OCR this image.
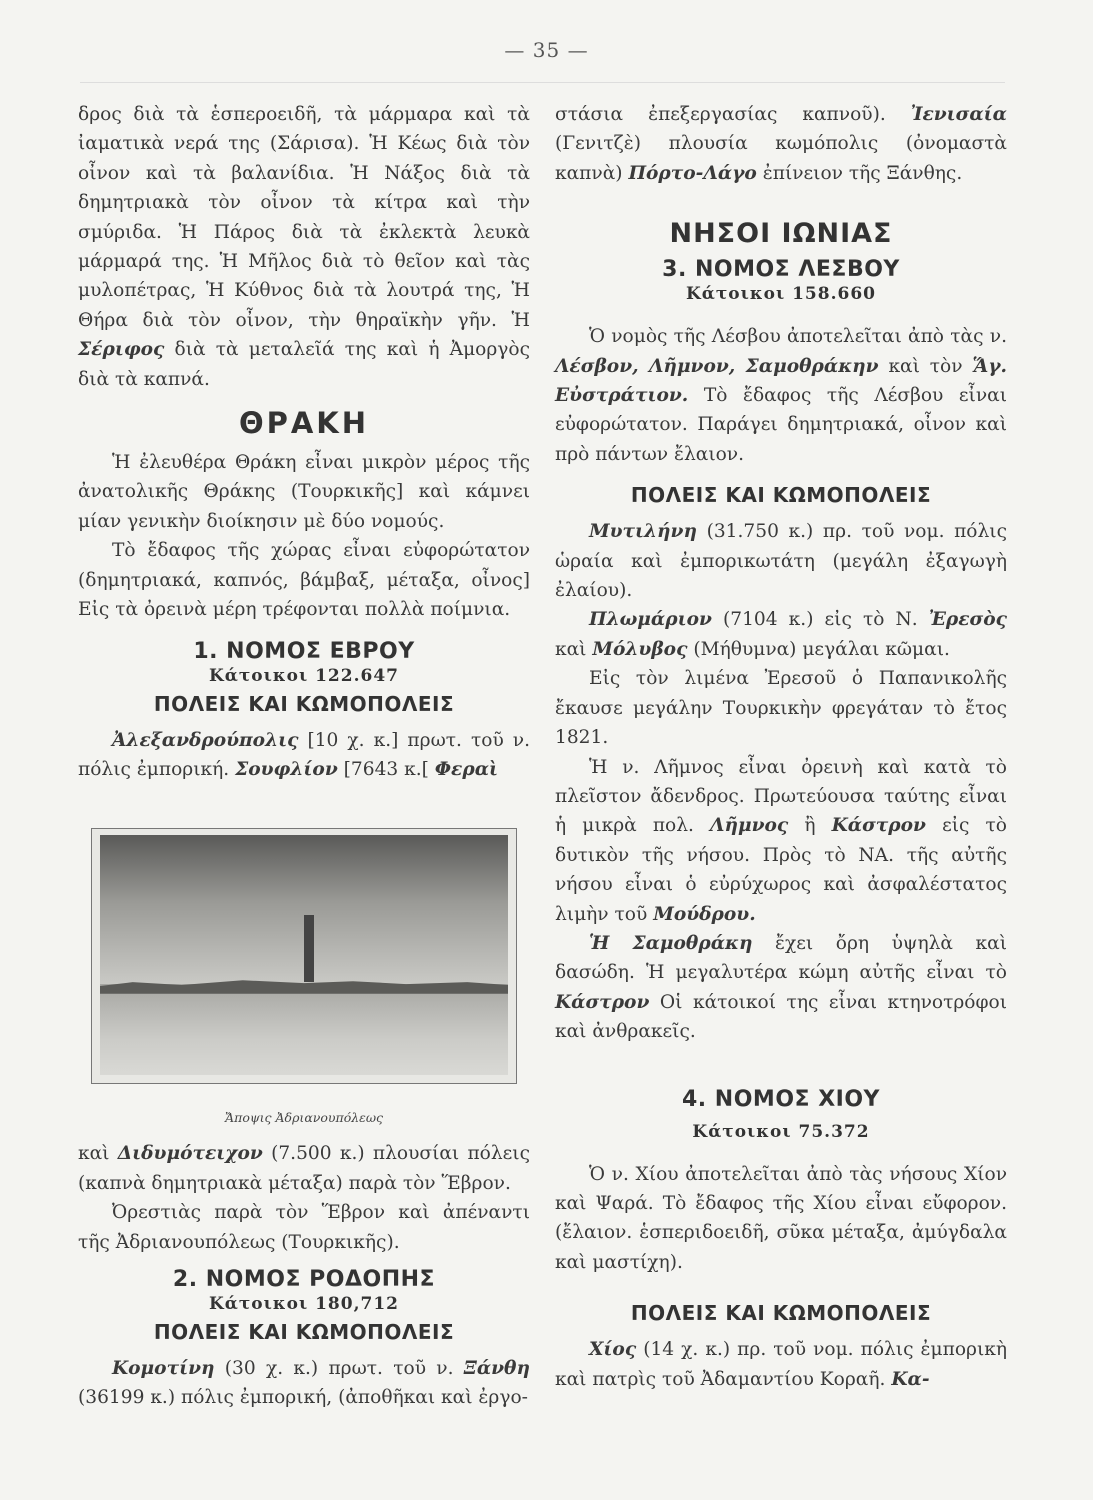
— 35 —

δρος διὰ τὰ ἑσπεροειδῆ, τὰ μάρμαρα καὶ τὰ ἰαματικὰ νερά της (Σάρισα). Ἡ Κέως διὰ τὸν οἶνον καὶ τὰ βαλανίδια. Ἡ Νάξος διὰ τὰ δημητριακὰ τὸν οἶνον τὰ κίτρα καὶ τὴν σμύριδα. Ἡ Πάρος διὰ τὰ ἐκλεκτὰ λευκὰ μάρμαρά της. Ἡ Μῆλος διὰ τὸ θεῖον καὶ τὰς μυλοπέτρας, Ἡ Κύθνος διὰ τὰ λουτρά της, Ἡ Θήρα διὰ τὸν οἶνον, τὴν θηραϊκὴν γῆν. Ἡ Σέριφος διὰ τὰ μεταλεῖά της καὶ ἡ Ἀμοργὸς διὰ τὰ καπνά.

ΘΡΑΚΗ

Ἡ ἐλευθέρα Θράκη εἶναι μικρὸν μέρος τῆς ἀνατολικῆς Θράκης (Τουρκικῆς] καὶ κάμνει μίαν γενικὴν διοίκησιν μὲ δύο νομούς.

Τὸ ἔδαφος τῆς χώρας εἶναι εὐφορώτατον (δημητριακά, καπνός, βάμβαξ, μέταξα, οἶνος] Εἰς τὰ ὀρεινὰ μέρη τρέφονται πολλὰ ποίμνια.

1. ΝΟΜΟΣ ΕΒΡΟΥ
Κάτοικοι 122.647
ΠΟΛΕΙΣ ΚΑΙ ΚΩΜΟΠΟΛΕΙΣ

Ἀλεξανδρούπολις [10 χ. κ.] πρωτ. τοῦ ν. πόλις ἐμπορική. Σουφλίον [7643 κ.[ Φεραὶ

Ἄποψις Ἀδριανουπόλεως

καὶ Διδυμότειχον (7.500 κ.) πλουσίαι πόλεις (καπνὰ δημητριακὰ μέταξα) παρὰ τὸν Ἕβρον.

Ὀρεστιὰς παρὰ τὸν Ἕβρον καὶ ἀπέναντι τῆς Ἀδριανουπόλεως (Τουρκικῆς).

2. ΝΟΜΟΣ ΡΟΔΟΠΗΣ
Κάτοικοι 180,712
ΠΟΛΕΙΣ ΚΑΙ ΚΩΜΟΠΟΛΕΙΣ

Κομοτίνη (30 χ. κ.) πρωτ. τοῦ ν. Ξάνθη (36199 κ.) πόλις ἐμπορική, (ἀποθῆκαι καὶ ἐργο-

στάσια ἐπεξεργασίας καπνοῦ). Ἰενισαία (Γενιτζὲ) πλουσία κωμόπολις (ὀνομαστὰ καπνὰ) Πόρτο-Λάγο ἐπίνειον τῆς Ξάνθης.

ΝΗΣΟΙ ΙΩΝΙΑΣ
3. ΝΟΜΟΣ ΛΕΣΒΟΥ
Κάτοικοι 158.660

Ὁ νομὸς τῆς Λέσβου ἀποτελεῖται ἀπὸ τὰς ν. Λέσβον, Λῆμνον, Σαμοθράκην καὶ τὸν Ἅγ. Εὐστράτιον. Τὸ ἔδαφος τῆς Λέσβου εἶναι εὐφορώτατον. Παράγει δημητριακά, οἶνον καὶ πρὸ πάντων ἔλαιον.

ΠΟΛΕΙΣ ΚΑΙ ΚΩΜΟΠΟΛΕΙΣ

Μυτιλήνη (31.750 κ.) πρ. τοῦ νομ. πόλις ὡραία καὶ ἐμπορικωτάτη (μεγάλη ἐξαγωγὴ ἐλαίου).

Πλωμάριον (7104 κ.) εἰς τὸ Ν. Ἐρεσὸς καὶ Μόλυβος (Μήθυμνα) μεγάλαι κῶμαι.

Εἰς τὸν λιμένα Ἐρεσοῦ ὁ Παπανικολῆς ἔκαυσε μεγάλην Τουρκικὴν φρεγάταν τὸ ἔτος 1821.

Ἡ ν. Λῆμνος εἶναι ὀρεινὴ καὶ κατὰ τὸ πλεῖστον ἄδενδρος. Πρωτεύουσα ταύτης εἶναι ἡ μικρὰ πολ. Λῆμνος ἢ Κάστρον εἰς τὸ δυτικὸν τῆς νήσου. Πρὸς τὸ ΝΑ. τῆς αὐτῆς νήσου εἶναι ὁ εὐρύχωρος καὶ ἀσφαλέστατος λιμὴν τοῦ Μούδρου.

Ἡ Σαμοθράκη ἔχει ὄρη ὑψηλὰ καὶ δασώδη. Ἡ μεγαλυτέρα κώμη αὐτῆς εἶναι τὸ Κάστρον Οἱ κάτοικοί της εἶναι κτηνοτρόφοι καὶ ἀνθρακεῖς.

4. ΝΟΜΟΣ ΧΙΟΥ
Κάτοικοι 75.372

Ὁ ν. Χίου ἀποτελεῖται ἀπὸ τὰς νήσους Χίον καὶ Ψαρά. Τὸ ἔδαφος τῆς Χίου εἶναι εὔφορον. (ἔλαιον. ἑσπεριδοειδῆ, σῦκα μέταξα, ἀμύγδαλα καὶ μαστίχη).

ΠΟΛΕΙΣ ΚΑΙ ΚΩΜΟΠΟΛΕΙΣ

Χίος (14 χ. κ.) πρ. τοῦ νομ. πόλις ἐμπορικὴ καὶ πατρὶς τοῦ Ἀδαμαντίου Κοραῆ. Κα-
